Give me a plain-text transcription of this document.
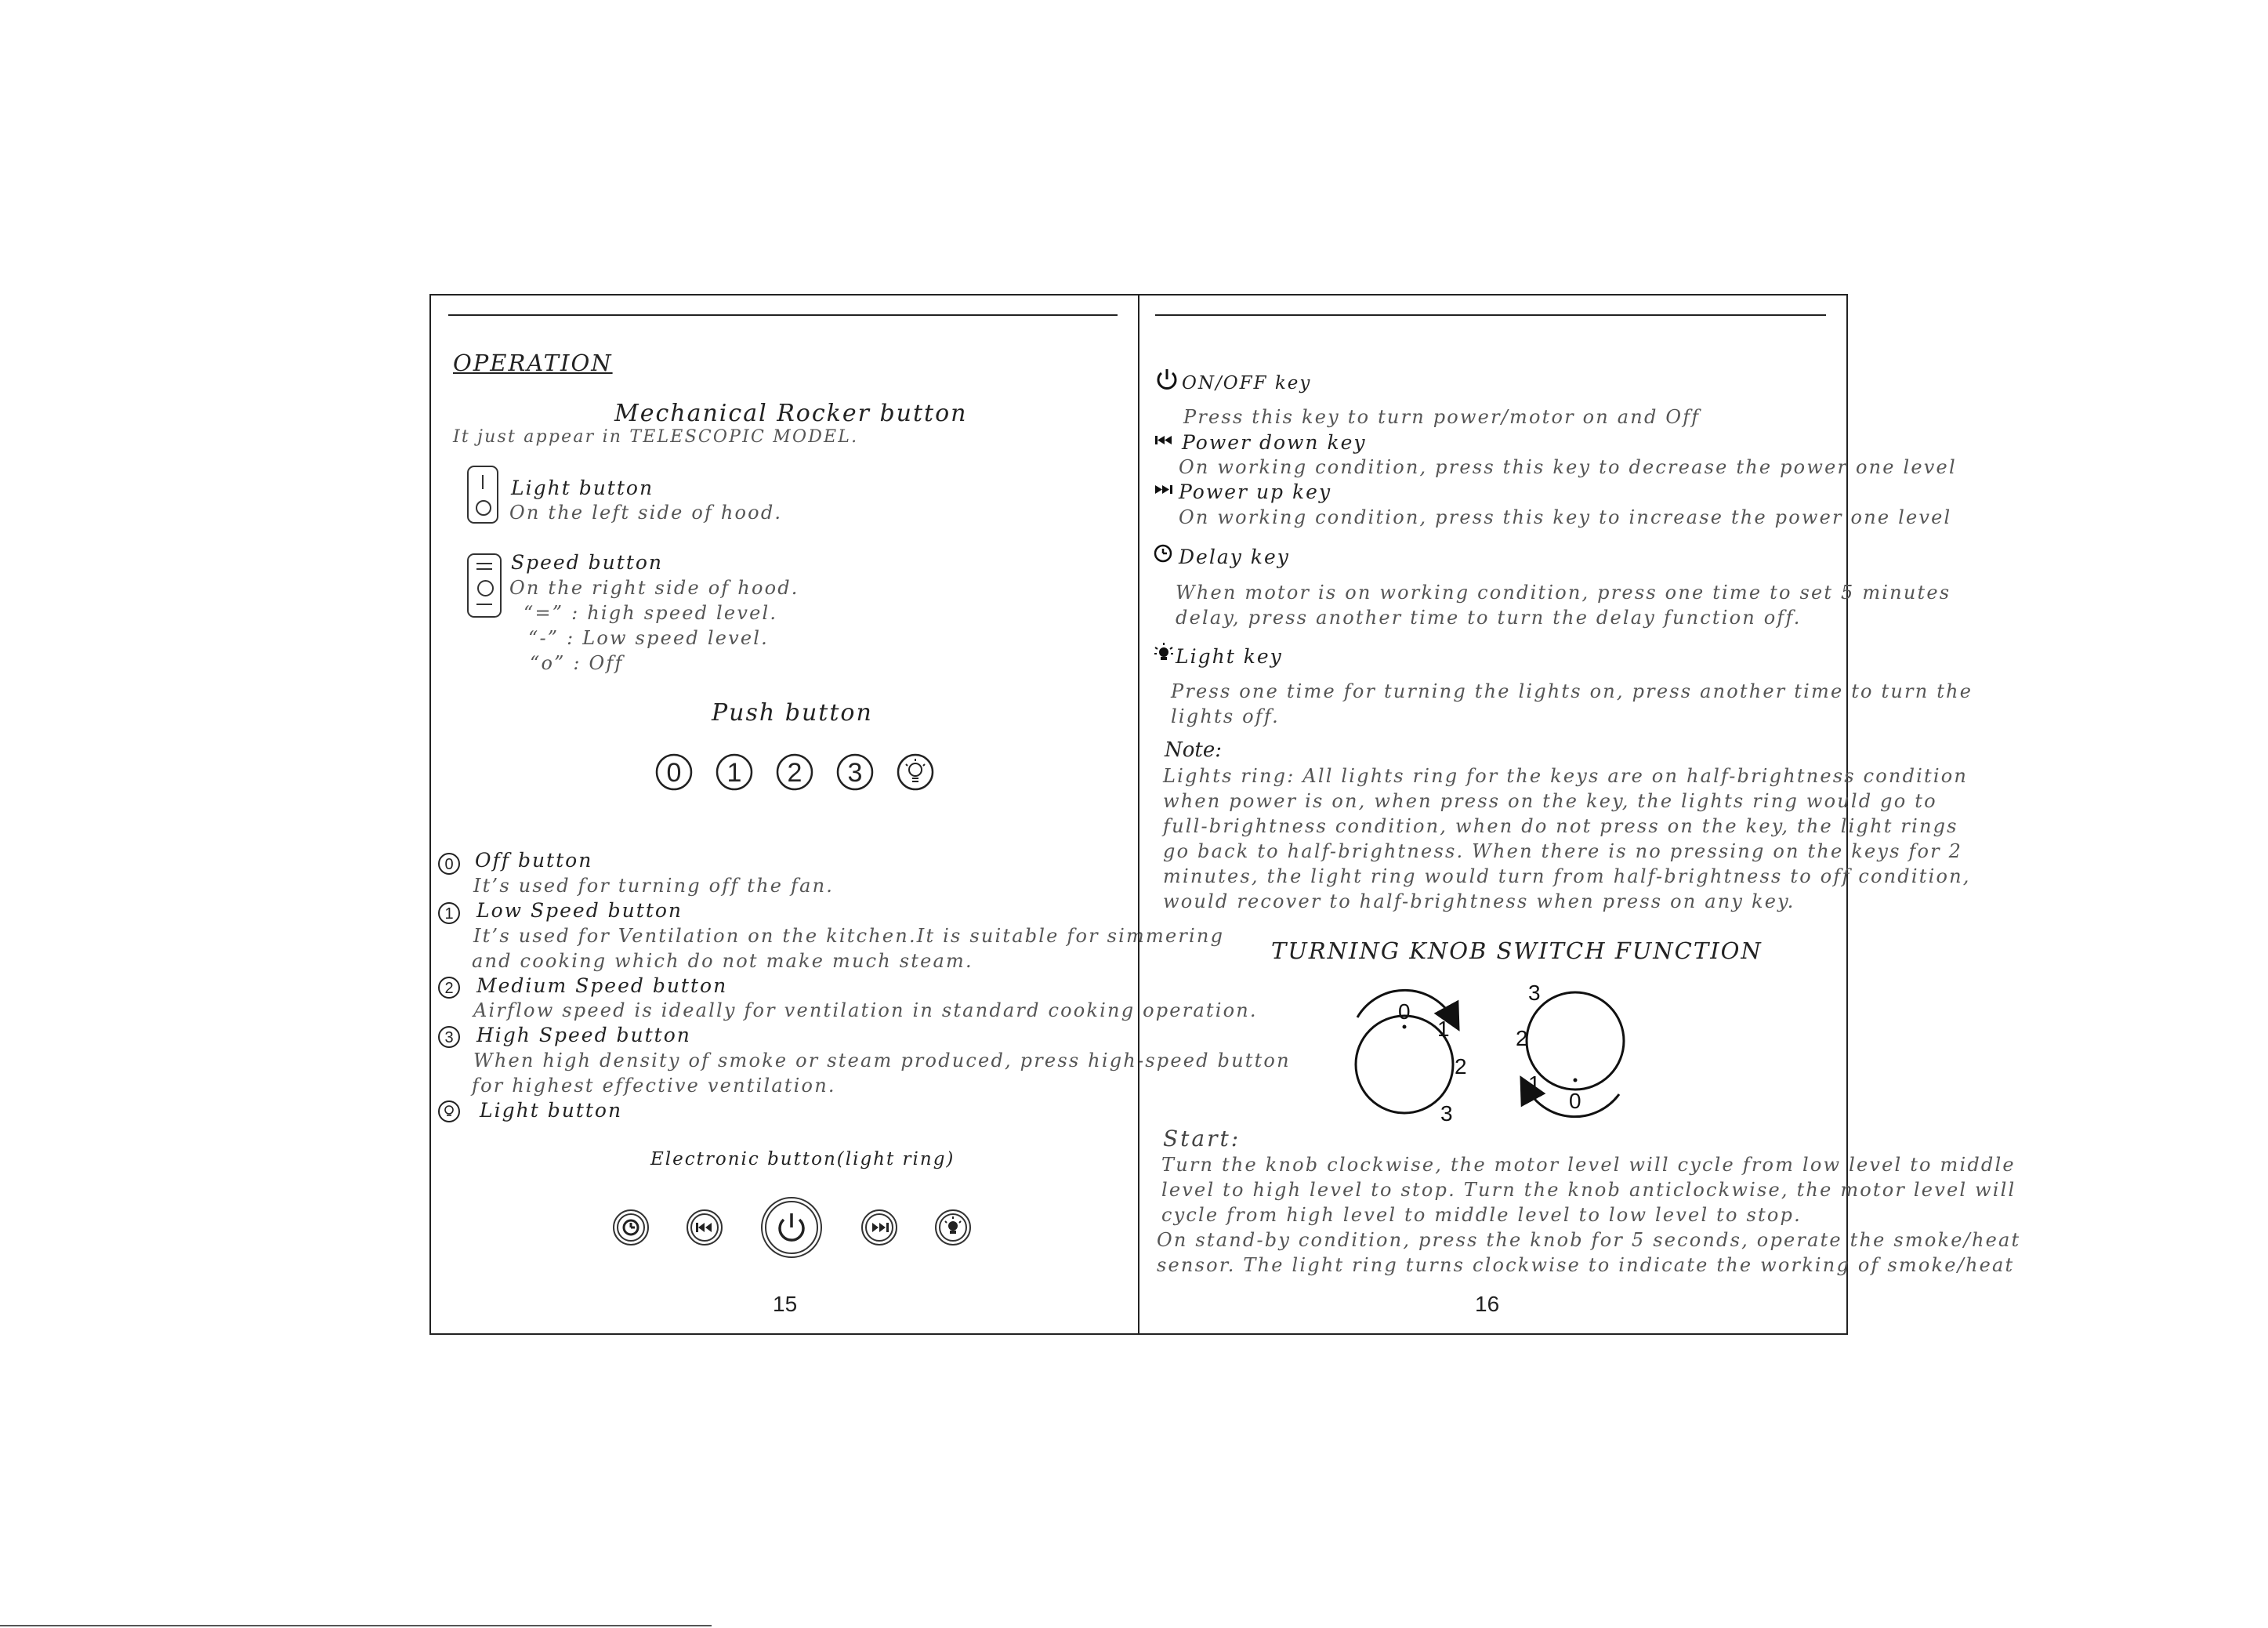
OPERATION
Mechanical Rocker button
It just appear in TELESCOPIC MODEL.
Light button
On the left side of hood.
Speed button
On the right side of hood.
“=” : high speed level.
“-” : Low speed level.
“o” : Off
Push button
0 1 2 3
0 Off button
It’s used for turning off the fan.
1 Low Speed button
It’s used for Ventilation on the kitchen.It is suitable for simmering
and cooking which do not make much steam.
2 Medium Speed button
Airflow speed is ideally for ventilation in standard cooking operation.
3 High Speed button
When high density of smoke or steam produced, press high-speed button
for highest effective ventilation.
Light button
Electronic button(light ring)
15
ON/OFF key
Press this key to turn power/motor on and Off
Power down key
On working condition, press this key to decrease the power one level
Power up key
On working condition, press this key to increase the power one level
Delay key
When motor is on working condition, press one time to set 5 minutes
delay, press another time to turn the delay function off.
Light key
Press one time for turning the lights on, press another time to turn the
lights off.
Note:
Lights ring: All lights ring for the keys are on half-brightness condition
when power is on, when press on the key, the lights ring would go to
full-brightness condition, when do not press on the key, the light rings
go back to half-brightness. When there is no pressing on the keys for 2
minutes, the light ring would turn from half-brightness to off condition,
would recover to half-brightness when press on any key.
TURNING KNOB SWITCH FUNCTION
0
1
2
3
3
2
1
0
Start:
Turn the knob clockwise, the motor level will cycle from low level to middle
level to high level to stop. Turn the knob anticlockwise, the motor level will
cycle from high level to middle level to low level to stop.
On stand-by condition, press the knob for 5 seconds, operate the smoke/heat
sensor. The light ring turns clockwise to indicate the working of smoke/heat
16
